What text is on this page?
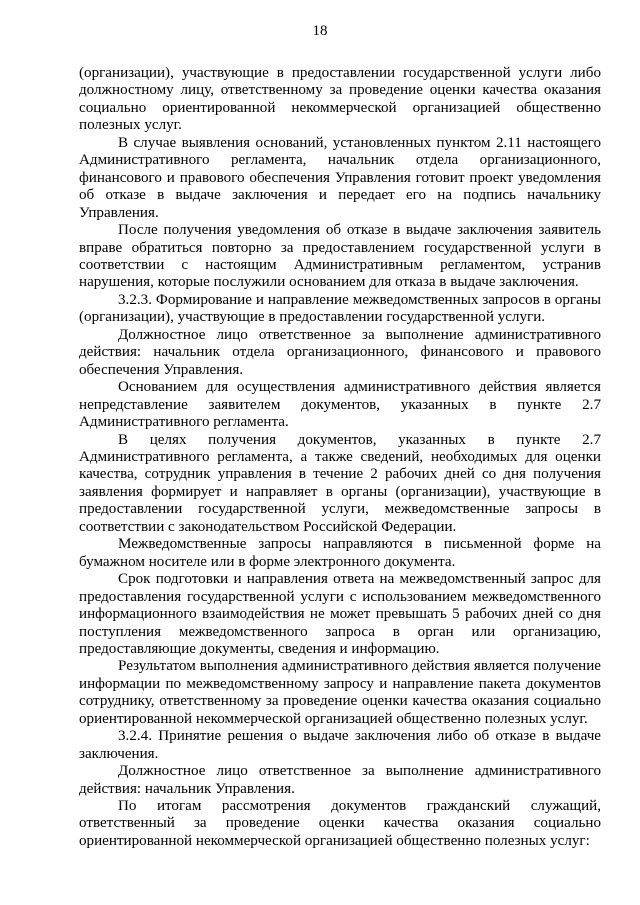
18

(организации), участвующие в предоставлении государственной услуги либо должностному лицу, ответственному за проведение оценки качества оказания социально ориентированной некоммерческой организацией общественно полезных услуг.

В случае выявления оснований, установленных пунктом 2.11 настоящего Административного регламента, начальник отдела организационного, финансового и правового обеспечения Управления готовит проект уведомления об отказе в выдаче заключения и передает его на подпись начальнику Управления.

После получения уведомления об отказе в выдаче заключения заявитель вправе обратиться повторно за предоставлением государственной услуги в соответствии с настоящим Административным регламентом, устранив нарушения, которые послужили основанием для отказа в выдаче заключения.

3.2.3. Формирование и направление межведомственных запросов в органы (организации), участвующие в предоставлении государственной услуги.

Должностное лицо ответственное за выполнение административного действия: начальник отдела организационного, финансового и правового обеспечения Управления.

Основанием для осуществления административного действия является непредставление заявителем документов, указанных в пункте 2.7 Административного регламента.

В целях получения документов, указанных в пункте 2.7 Административного регламента, а также сведений, необходимых для оценки качества, сотрудник управления в течение 2 рабочих дней со дня получения заявления формирует и направляет в органы (организации), участвующие в предоставлении государственной услуги, межведомственные запросы в соответствии с законодательством Российской Федерации.

Межведомственные запросы направляются в письменной форме на бумажном носителе или в форме электронного документа.

Срок подготовки и направления ответа на межведомственный запрос для предоставления государственной услуги с использованием межведомственного информационного взаимодействия не может превышать 5 рабочих дней со дня поступления межведомственного запроса в орган или организацию, предоставляющие документы, сведения и информацию.

Результатом выполнения административного действия является получение информации по межведомственному запросу и направление пакета документов сотруднику, ответственному за проведение оценки качества оказания социально ориентированной некоммерческой организацией общественно полезных услуг.

3.2.4. Принятие решения о выдаче заключения либо об отказе в выдаче заключения.

Должностное лицо ответственное за выполнение административного действия: начальник Управления.

По итогам рассмотрения документов гражданский служащий, ответственный за проведение оценки качества оказания социально ориентированной некоммерческой организацией общественно полезных услуг:
